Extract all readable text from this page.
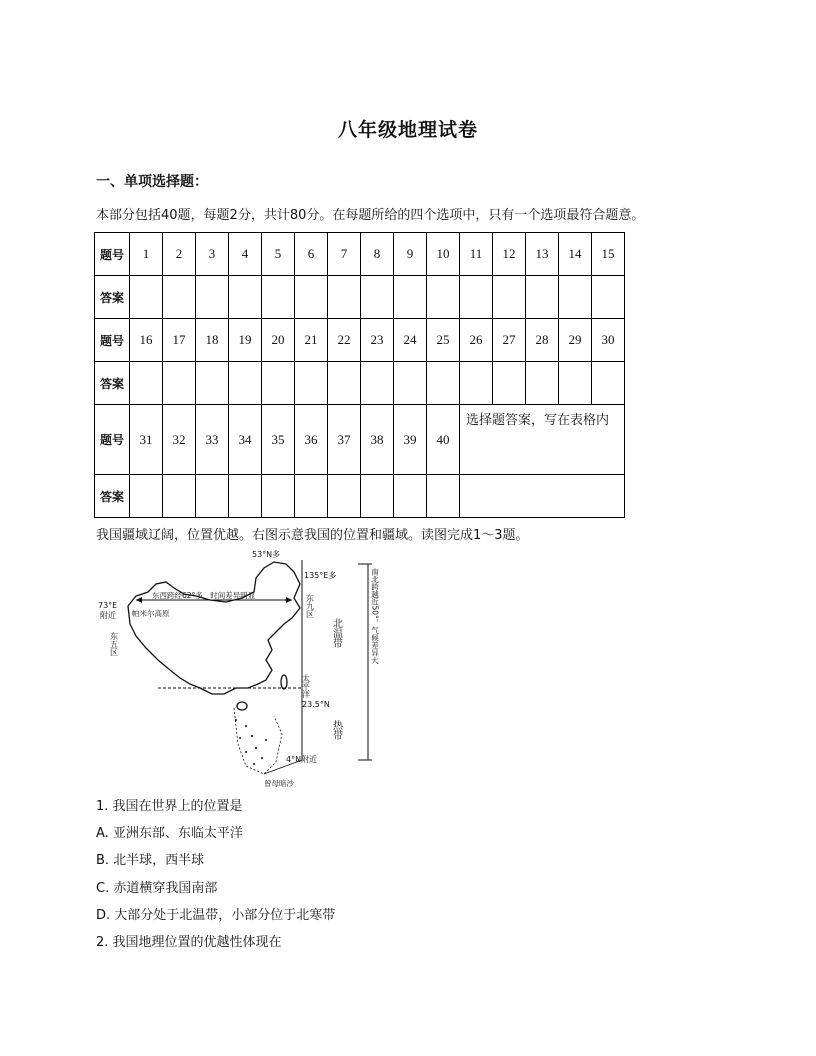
八年级地理试卷
一、单项选择题：
本部分包括40题，每题2分，共计80分。在每题所给的四个选项中，只有一个选项最符合题意。
题号	1	2	3	4	5	6	7	8	9	10	11	12	13	14	15
答案															
题号	16	17	18	19	20	21	22	23	24	25	26	27	28	29	30
答案															
题号	31	32	33	34	35	36	37	38	39	40	选择题答案，写在表格内				
答案															
我国疆域辽阔，位置优越。右图示意我国的位置和疆域。读图完成1～3题。
53°N多
135°E多
73°E
附近
东西跨经62°多，时间差异明显
帕米尔高原
23.5°N
曾母暗沙
4°N附近
东九区
东五区	北温带
太平洋
热带
南北跨越近50°，气候差异大
1. 我国在世界上的位置是
A. 亚洲东部、东临太平洋
B. 北半球，西半球
C. 赤道横穿我国南部
D. 大部分处于北温带，小部分位于北寒带
2. 我国地理位置的优越性体现在
